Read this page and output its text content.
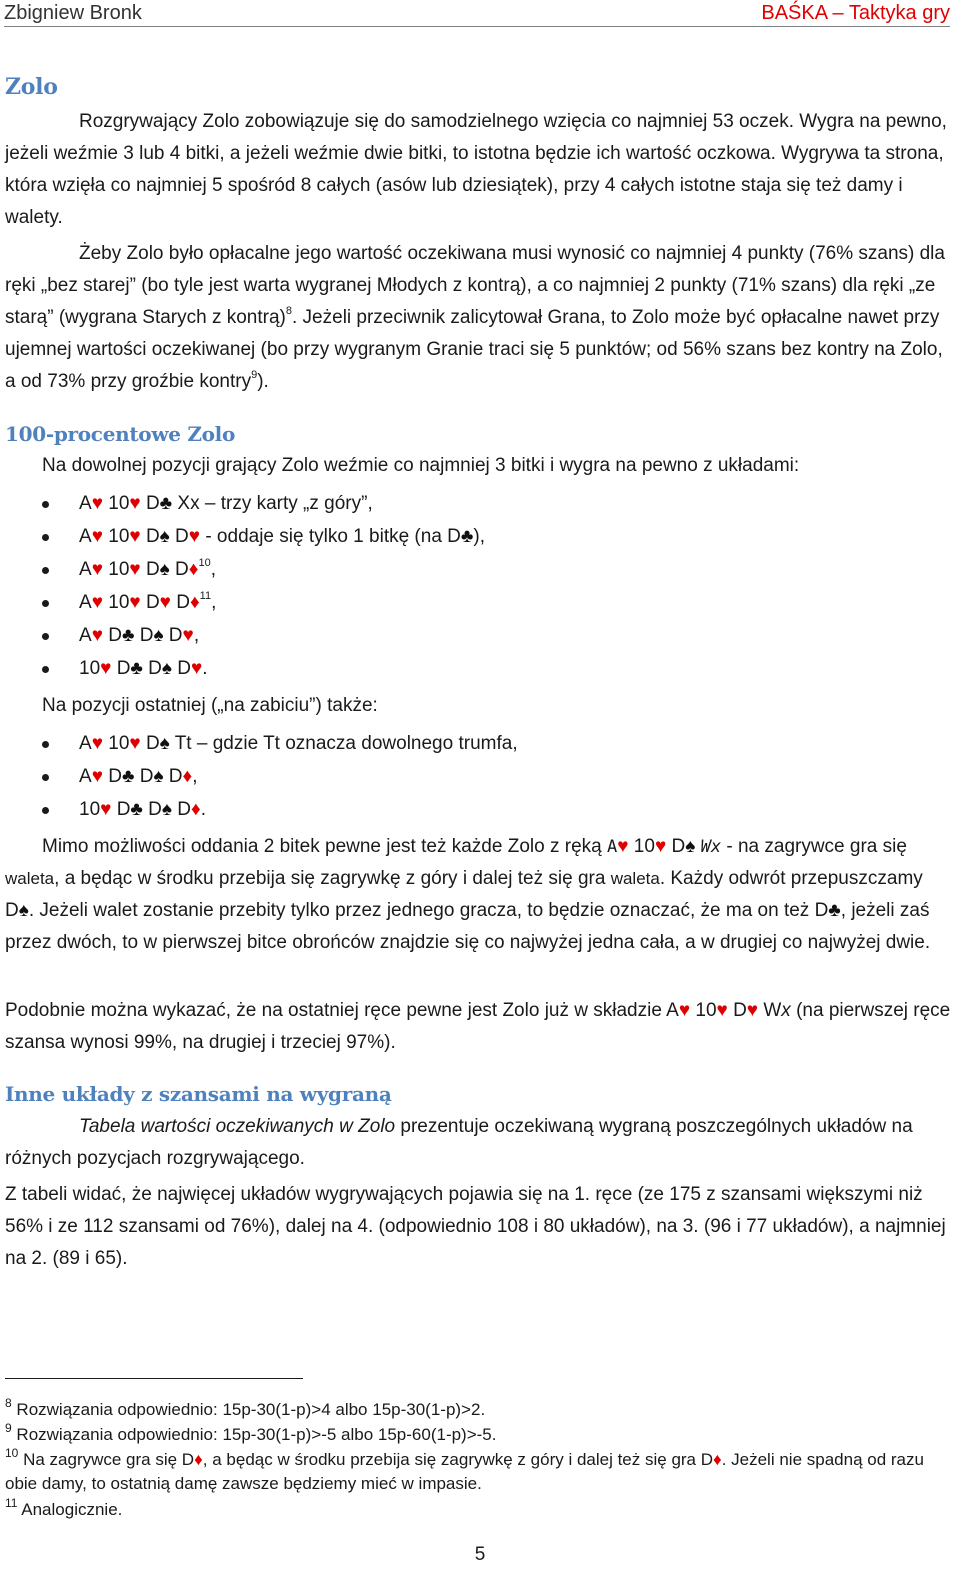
Zbigniew Bronk	BAŚKA – Taktyka gry
Zolo

Rozgrywający Zolo zobowiązuje się do samodzielnego wzięcia co najmniej 53 oczek. Wygra na pewno, jeżeli weźmie 3 lub 4 bitki, a jeżeli weźmie dwie bitki, to istotna będzie ich wartość oczkowa. Wygrywa ta strona, która wzięła co najmniej 5 spośród 8 całych (asów lub dziesiątek), przy 4 całych istotne staja się też damy i walety.

Żeby Zolo było opłacalne jego wartość oczekiwana musi wynosić co najmniej 4 punkty (76% szans) dla ręki „bez starej” (bo tyle jest warta wygranej Młodych z kontrą), a co najmniej 2 punkty (71% szans) dla ręki „ze starą” (wygrana Starych z kontrą)$^8$. Jeżeli przeciwnik zalicytował Grana, to Zolo może być opłacalne nawet przy ujemnej wartości oczekiwanej (bo przy wygranym Granie traci się 5 punktów; od 56% szans bez kontry na Zolo, a od 73% przy groźbie kontry$^9$).

100-procentowe Zolo

Na dowolnej pozycji grający Zolo weźmie co najmniej 3 bitki i wygra na pewno z układami:

A♥ 10♥ D♣ Xx – trzy karty „z góry”,
A♥ 10♥ D♠ D♥ - oddaje się tylko 1 bitkę (na D♣),
A♥ 10♥ D♠ D♦$^{10}$,
A♥ 10♥ D♥ D♦$^{11}$,
A♥ D♣ D♠ D♥,
10♥ D♣ D♠ D♥.

Na pozycji ostatniej („na zabiciu”) także:

A♥ 10♥ D♠ Tt – gdzie Tt oznacza dowolnego trumfa,
A♥ D♣ D♠ D♦,
10♥ D♣ D♠ D♦.

Mimo możliwości oddania 2 bitek pewne jest też każde Zolo z ręką A♥ 10♥ D♠ Wx - na zagrywce gra się waleta, a będąc w środku przebija się zagrywkę z góry i dalej też się gra waleta. Każdy odwrót przepuszczamy D♠. Jeżeli walet zostanie przebity tylko przez jednego gracza, to będzie oznaczać, że ma on też D♣, jeżeli zaś przez dwóch, to w pierwszej bitce obrońców znajdzie się co najwyżej jedna cała, a w drugiej co najwyżej dwie.

Podobnie można wykazać, że na ostatniej ręce pewne jest Zolo już w składzie A♥ 10♥ D♥ Wx (na pierwszej ręce szansa wynosi 99%, na drugiej i trzeciej 97%).

Inne układy z szansami na wygraną

Tabela wartości oczekiwanych w Zolo prezentuje oczekiwaną wygraną poszczególnych układów na różnych pozycjach rozgrywającego.

Z tabeli widać, że najwięcej układów wygrywających pojawia się na 1. ręce (ze 175 z szansami większymi niż 56% i ze 112 szansami od 76%), dalej na 4. (odpowiednio 108 i 80 układów), na 3. (96 i 77 układów), a najmniej na 2. (89 i 65).

$^8$ Rozwiązania odpowiednio: 15p-30(1-p)>4 albo 15p-30(1-p)>2.

$^9$ Rozwiązania odpowiednio: 15p-30(1-p)>-5 albo 15p-60(1-p)>-5.

$^{10}$ Na zagrywce gra się D♦, a będąc w środku przebija się zagrywkę z góry i dalej też się gra D♦. Jeżeli nie spadną od razu obie damy, to ostatnią damę zawsze będziemy mieć w impasie.

$^{11}$ Analogicznie.

5
